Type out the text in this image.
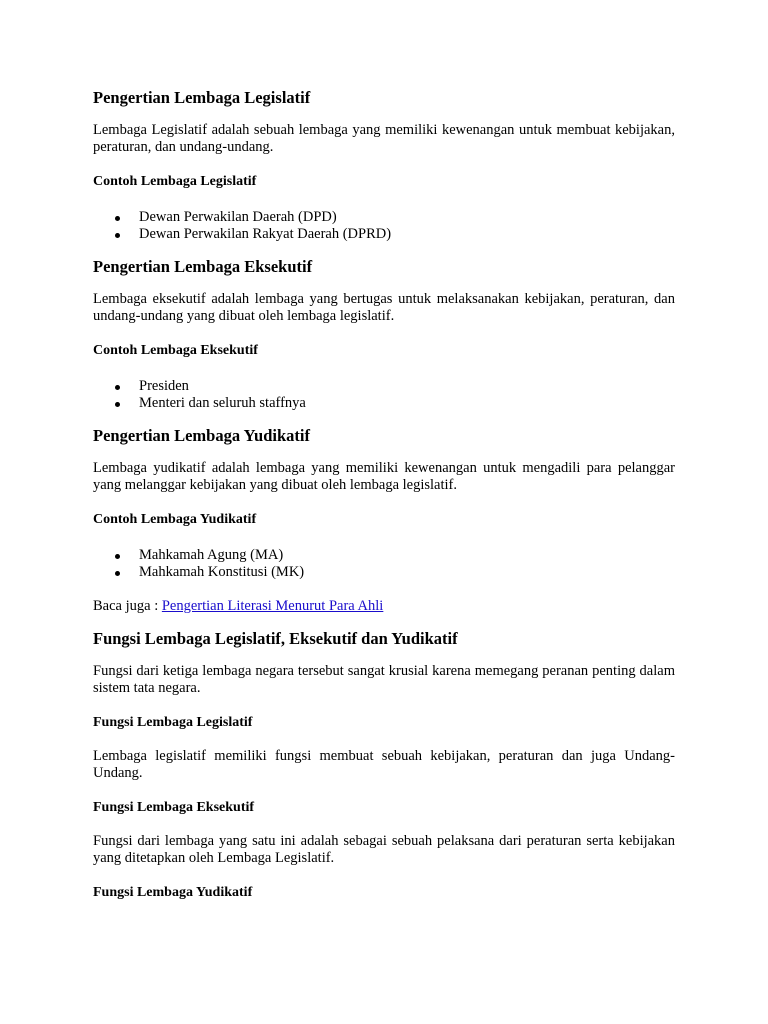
Pengertian Lembaga Legislatif

Lembaga Legislatif adalah sebuah lembaga yang memiliki kewenangan untuk membuat kebijakan, peraturan, dan undang-undang.

Contoh Lembaga Legislatif
Dewan Perwakilan Daerah (DPD)
Dewan Perwakilan Rakyat Daerah (DPRD)
Pengertian Lembaga Eksekutif

Lembaga eksekutif adalah lembaga yang bertugas untuk melaksanakan kebijakan, peraturan, dan undang-undang yang dibuat oleh lembaga legislatif.

Contoh Lembaga Eksekutif
Presiden
Menteri dan seluruh staffnya
Pengertian Lembaga Yudikatif

Lembaga yudikatif adalah lembaga yang memiliki kewenangan untuk mengadili para pelanggar yang melanggar kebijakan yang dibuat oleh lembaga legislatif.

Contoh Lembaga Yudikatif
Mahkamah Agung (MA)
Mahkamah Konstitusi (MK)

Baca juga : Pengertian Literasi Menurut Para Ahli

Fungsi Lembaga Legislatif, Eksekutif dan Yudikatif

Fungsi dari ketiga lembaga negara tersebut sangat krusial karena memegang peranan penting dalam sistem tata negara.

Fungsi Lembaga Legislatif

Lembaga legislatif memiliki fungsi membuat sebuah kebijakan, peraturan dan juga Undang-Undang.

Fungsi Lembaga Eksekutif

Fungsi dari lembaga yang satu ini adalah sebagai sebuah pelaksana dari peraturan serta kebijakan yang ditetapkan oleh Lembaga Legislatif.

Fungsi Lembaga Yudikatif
